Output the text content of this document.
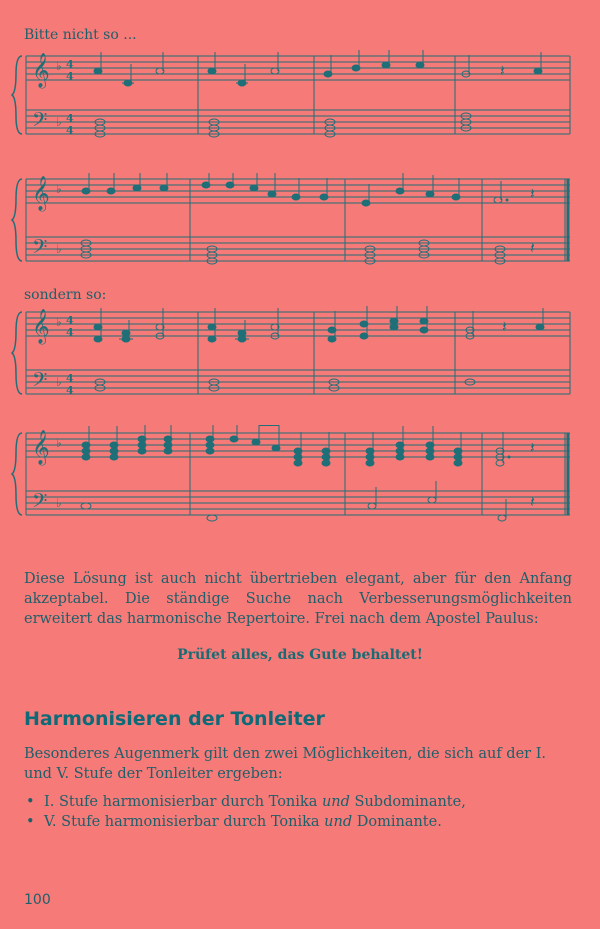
Bitte nicht so ...
𝄞
𝄢
♭
♭
4
4
4
4
𝄽
𝄞
𝄢
♭
♭
𝄽
𝄽
sondern so:
𝄞
𝄢
♭
♭
4
4
4
4
𝄽
𝄞
𝄢
♭
♭
𝄽
𝄽
Diese Lösung ist auch nicht übertrieben elegant, aber für den Anfang akzeptabel. Die ständige Suche nach Verbesserungsmöglichkeiten erweitert das harmonische Repertoire. Frei nach dem Apostel Paulus:
Prüfet alles, das Gute behaltet!
Harmonisieren der Tonleiter
Besonderes Augenmerk gilt den zwei Möglichkeiten, die sich auf der I. und V. Stufe der Tonleiter ergeben:
• I. Stufe harmonisierbar durch Tonika und Subdominante,
• V. Stufe harmonisierbar durch Tonika und Dominante.
100
